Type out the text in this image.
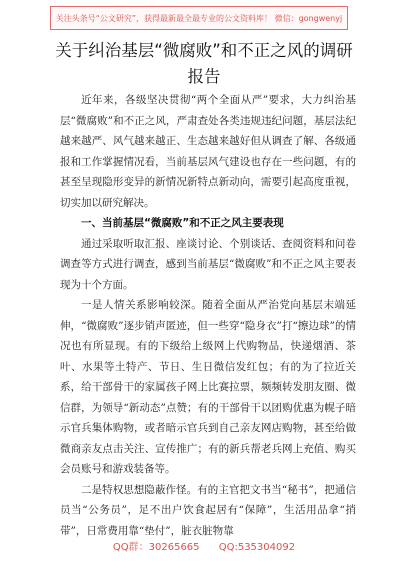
关注头条号“公文研究”，获得最新最全最专业的公文资料库！ 微信：gongwenyj
关于纠治基层“微腐败”和不正之风的调研报告

近年来，各级坚决贯彻“两个全面从严”要求，大力纠治基层“微腐败”和不正之风，严肃查处各类违规违纪问题，基层法纪越来越严、风气越来越正、生态越来越好但从调查了解、各级通报和工作掌握情况看，当前基层风气建设也存在一些问题，有的甚至呈现隐形变异的新情况新特点新动向，需要引起高度重视，切实加以研究解决。

一、当前基层“微腐败”和不正之风主要表现

通过采取听取汇报、座谈讨论、个别谈话、查阅资料和问卷调查等方式进行调查，感到当前基层“微腐败”和不正之风主要表现为十个方面。

一是人情关系影响较深。随着全面从严治党向基层末端延伸，“微腐败”逐步销声匿迹，但一些穿“隐身衣”打“擦边球”的情况也有所显现。有的下级给上级网上代购物品，快递烟酒、茶叶、水果等土特产、节日、生日微信发红包；有的为了拉近关系，给干部骨干的家属孩子网上比赛拉票，频频转发朋友圈、微信群，为领导“新动态”点赞；有的干部骨干以团购优惠为幌子暗示官兵集体购物，或者暗示官兵到自己亲友网店购物，甚至给做微商亲友点击关注、宣传推广；有的新兵帮老兵网上充值、购买会员账号和游戏装备等。

二是特权思想隐蔽作怪。有的主官把文书当“秘书”，把通信员当“公务员”，足不出户饮食起居有“保障”，生活用品拿“捎带”，日常费用靠“垫付”，脏衣脏物靠

QQ群：30265665 QQ:535304092
